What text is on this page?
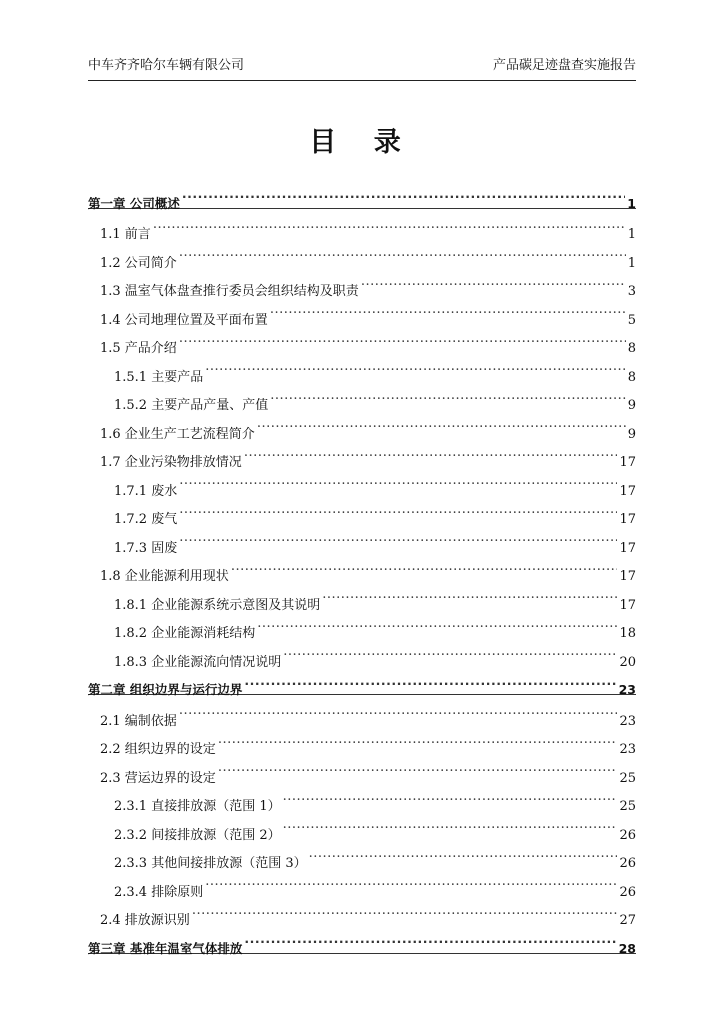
中车齐齐哈尔车辆有限公司	产品碳足迹盘查实施报告
目 录
第一章 公司概述 .....	1
1.1 前言 .....	1
1.2 公司简介 .....	1
1.3 温室气体盘查推行委员会组织结构及职责 .....	3
1.4 公司地理位置及平面布置 .....	5
1.5 产品介绍 .....	8
1.5.1 主要产品 .....	8
1.5.2 主要产品产量、产值 .....	9
1.6 企业生产工艺流程简介 .....	9
1.7 企业污染物排放情况 .....	17
1.7.1 废水 .....	17
1.7.2 废气 .....	17
1.7.3 固废 .....	17
1.8 企业能源利用现状 .....	17
1.8.1 企业能源系统示意图及其说明 .....	17
1.8.2 企业能源消耗结构 .....	18
1.8.3 企业能源流向情况说明 .....	20
第二章 组织边界与运行边界 .....	23
2.1 编制依据 .....	23
2.2 组织边界的设定 .....	23
2.3 营运边界的设定 .....	25
2.3.1 直接排放源（范围 1） .....	25
2.3.2 间接排放源（范围 2） .....	26
2.3.3 其他间接排放源（范围 3） .....	26
2.3.4 排除原则 .....	26
2.4 排放源识别 .....	27
第三章 基准年温室气体排放 .....	28
